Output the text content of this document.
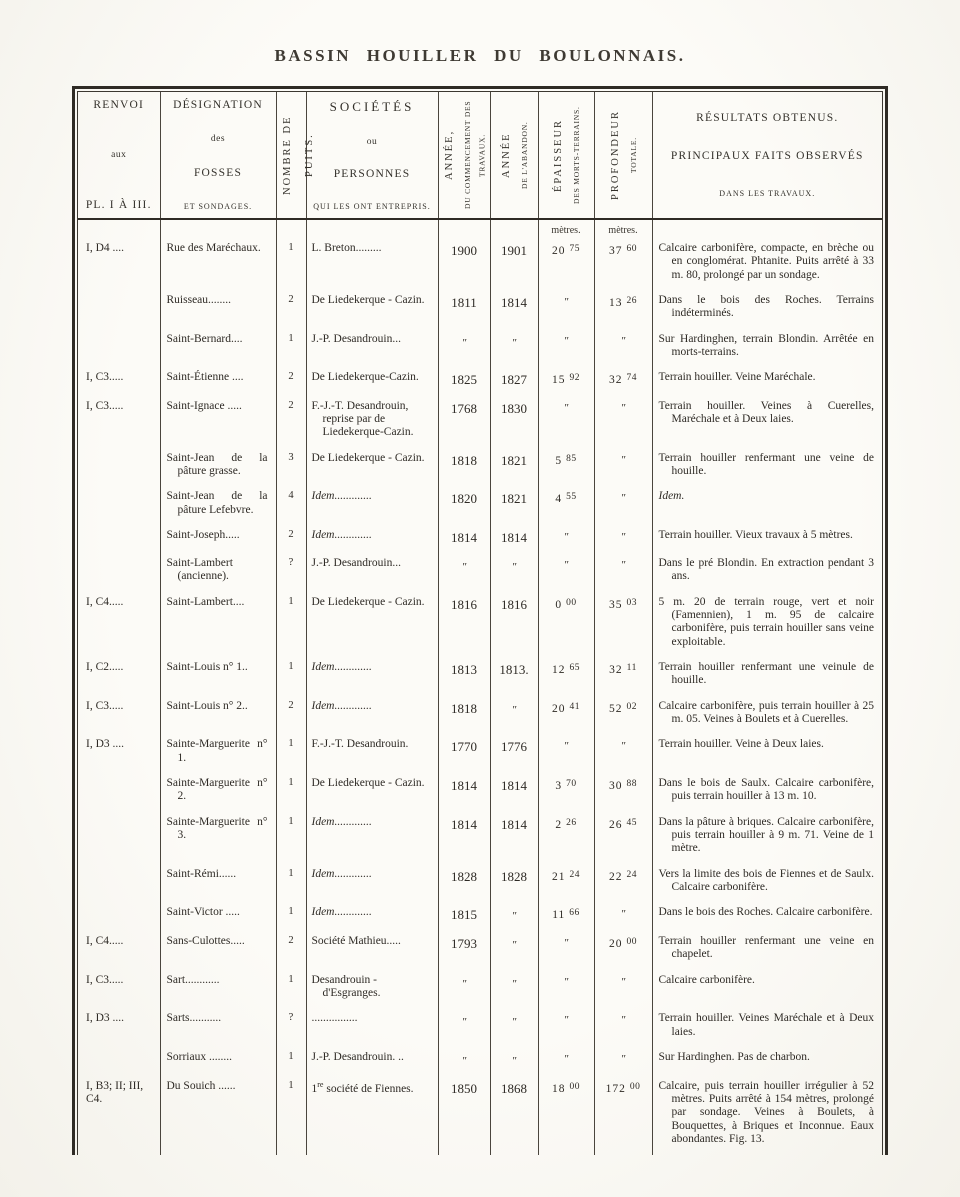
BASSIN HOUILLER DU BOULONNAIS.
RENVOI
aux
PL. I À III.	DÉSIGNATION
des
FOSSES
ET SONDAGES.	NOMBRE DE PUITS.	SOCIÉTÉS
ou
PERSONNES
QUI LES ONT ENTREPRIS.	ANNÉE, DU COMMENCEMENT DES TRAVAUX.	ANNÉE DE L'ABANDON.	ÉPAISSEUR DES MORTS-TERRAINS.	PROFONDEUR TOTALE.	RÉSULTATS OBTENUS.
PRINCIPAUX FAITS OBSERVÉS
DANS LES TRAVAUX.

						mètres.	mètres.	
I, D4 ....	Rue des Maréchaux.	1	L. Breton.........	1900	1901	20 $^{75}$	37 $^{60}$	Calcaire carbonifère, compacte, en brèche ou en conglomérat. Phtanite. Puits arrêté à 33 m. 80, prolongé par un sondage.
	Ruisseau........	2	De Liedekerque - Cazin.	1811	1814	″	13 $^{26}$	Dans le bois des Roches. Terrains indéterminés.
	Saint-Bernard....	1	J.-P. Desandrouin...	″	″	″	″	Sur Hardinghen, terrain Blondin. Arrêtée en morts-terrains.
I, C3.....	Saint-Étienne ....	2	De Liedekerque-Cazin.	1825	1827	15 $^{92}$	32 $^{74}$	Terrain houiller. Veine Maréchale.
I, C3.....	Saint-Ignace .....	2	F.-J.-T. Desandrouin, reprise par de Liedekerque-Cazin.	1768	1830	″	″	Terrain houiller. Veines à Cuerelles, Maréchale et à Deux laies.
	Saint-Jean de la pâture grasse.	3	De Liedekerque - Cazin.	1818	1821	5 $^{85}$	″	Terrain houiller renfermant une veine de houille.
	Saint-Jean de la pâture Lefebvre.	4	Idem.............	1820	1821	4 $^{55}$	″	Idem.
	Saint-Joseph.....	2	Idem.............	1814	1814	″	″	Terrain houiller. Vieux travaux à 5 mètres.
	Saint-Lambert (ancienne).	?	J.-P. Desandrouin...	″	″	″	″	Dans le pré Blondin. En extraction pendant 3 ans.
I, C4.....	Saint-Lambert....	1	De Liedekerque - Cazin.	1816	1816	0 $^{00}$	35 $^{03}$	5 m. 20 de terrain rouge, vert et noir (Famennien), 1 m. 95 de calcaire carbonifère, puis terrain houiller sans veine exploitable.
I, C2.....	Saint-Louis n° 1..	1	Idem.............	1813	1813.	12 $^{65}$	32 $^{11}$	Terrain houiller renfermant une veinule de houille.
I, C3.....	Saint-Louis n° 2..	2	Idem.............	1818	″	20 $^{41}$	52 $^{02}$	Calcaire carbonifère, puis terrain houiller à 25 m. 05. Veines à Boulets et à Cuerelles.
I, D3 ....	Sainte-Marguerite n° 1.	1	F.-J.-T. Desandrouin.	1770	1776	″	″	Terrain houiller. Veine à Deux laies.
	Sainte-Marguerite n° 2.	1	De Liedekerque - Cazin.	1814	1814	3 $^{70}$	30 $^{88}$	Dans le bois de Saulx. Calcaire carbonifère, puis terrain houiller à 13 m. 10.
	Sainte-Marguerite n° 3.	1	Idem.............	1814	1814	2 $^{26}$	26 $^{45}$	Dans la pâture à briques. Calcaire carbonifère, puis terrain houiller à 9 m. 71. Veine de 1 mètre.
	Saint-Rémi......	1	Idem.............	1828	1828	21 $^{24}$	22 $^{24}$	Vers la limite des bois de Fiennes et de Saulx. Calcaire carbonifère.
	Saint-Victor .....	1	Idem.............	1815	″	11 $^{66}$	″	Dans le bois des Roches. Calcaire carbonifère.
I, C4.....	Sans-Culottes.....	2	Société Mathieu.....	1793	″	″	20 $^{00}$	Terrain houiller renfermant une veine en chapelet.
I, C3.....	Sart............	1	Desandrouin - d'Esgranges.	″	″	″	″	Calcaire carbonifère.
I, D3 ....	Sarts...........	?	................	″	″	″	″	Terrain houiller. Veines Maréchale et à Deux laies.
	Sorriaux ........	1	J.-P. Desandrouin. ..	″	″	″	″	Sur Hardinghen. Pas de charbon.
I, B3; II; III, C4.	Du Souich ......	1	1re société de Fiennes.	1850	1868	18 $^{00}$	172 $^{00}$	Calcaire, puis terrain houiller irrégulier à 52 mètres. Puits arrêté à 154 mètres, prolongé par sondage. Veines à Boulets, à Bouquettes, à Briques et Inconnue. Eaux abondantes. Fig. 13.
